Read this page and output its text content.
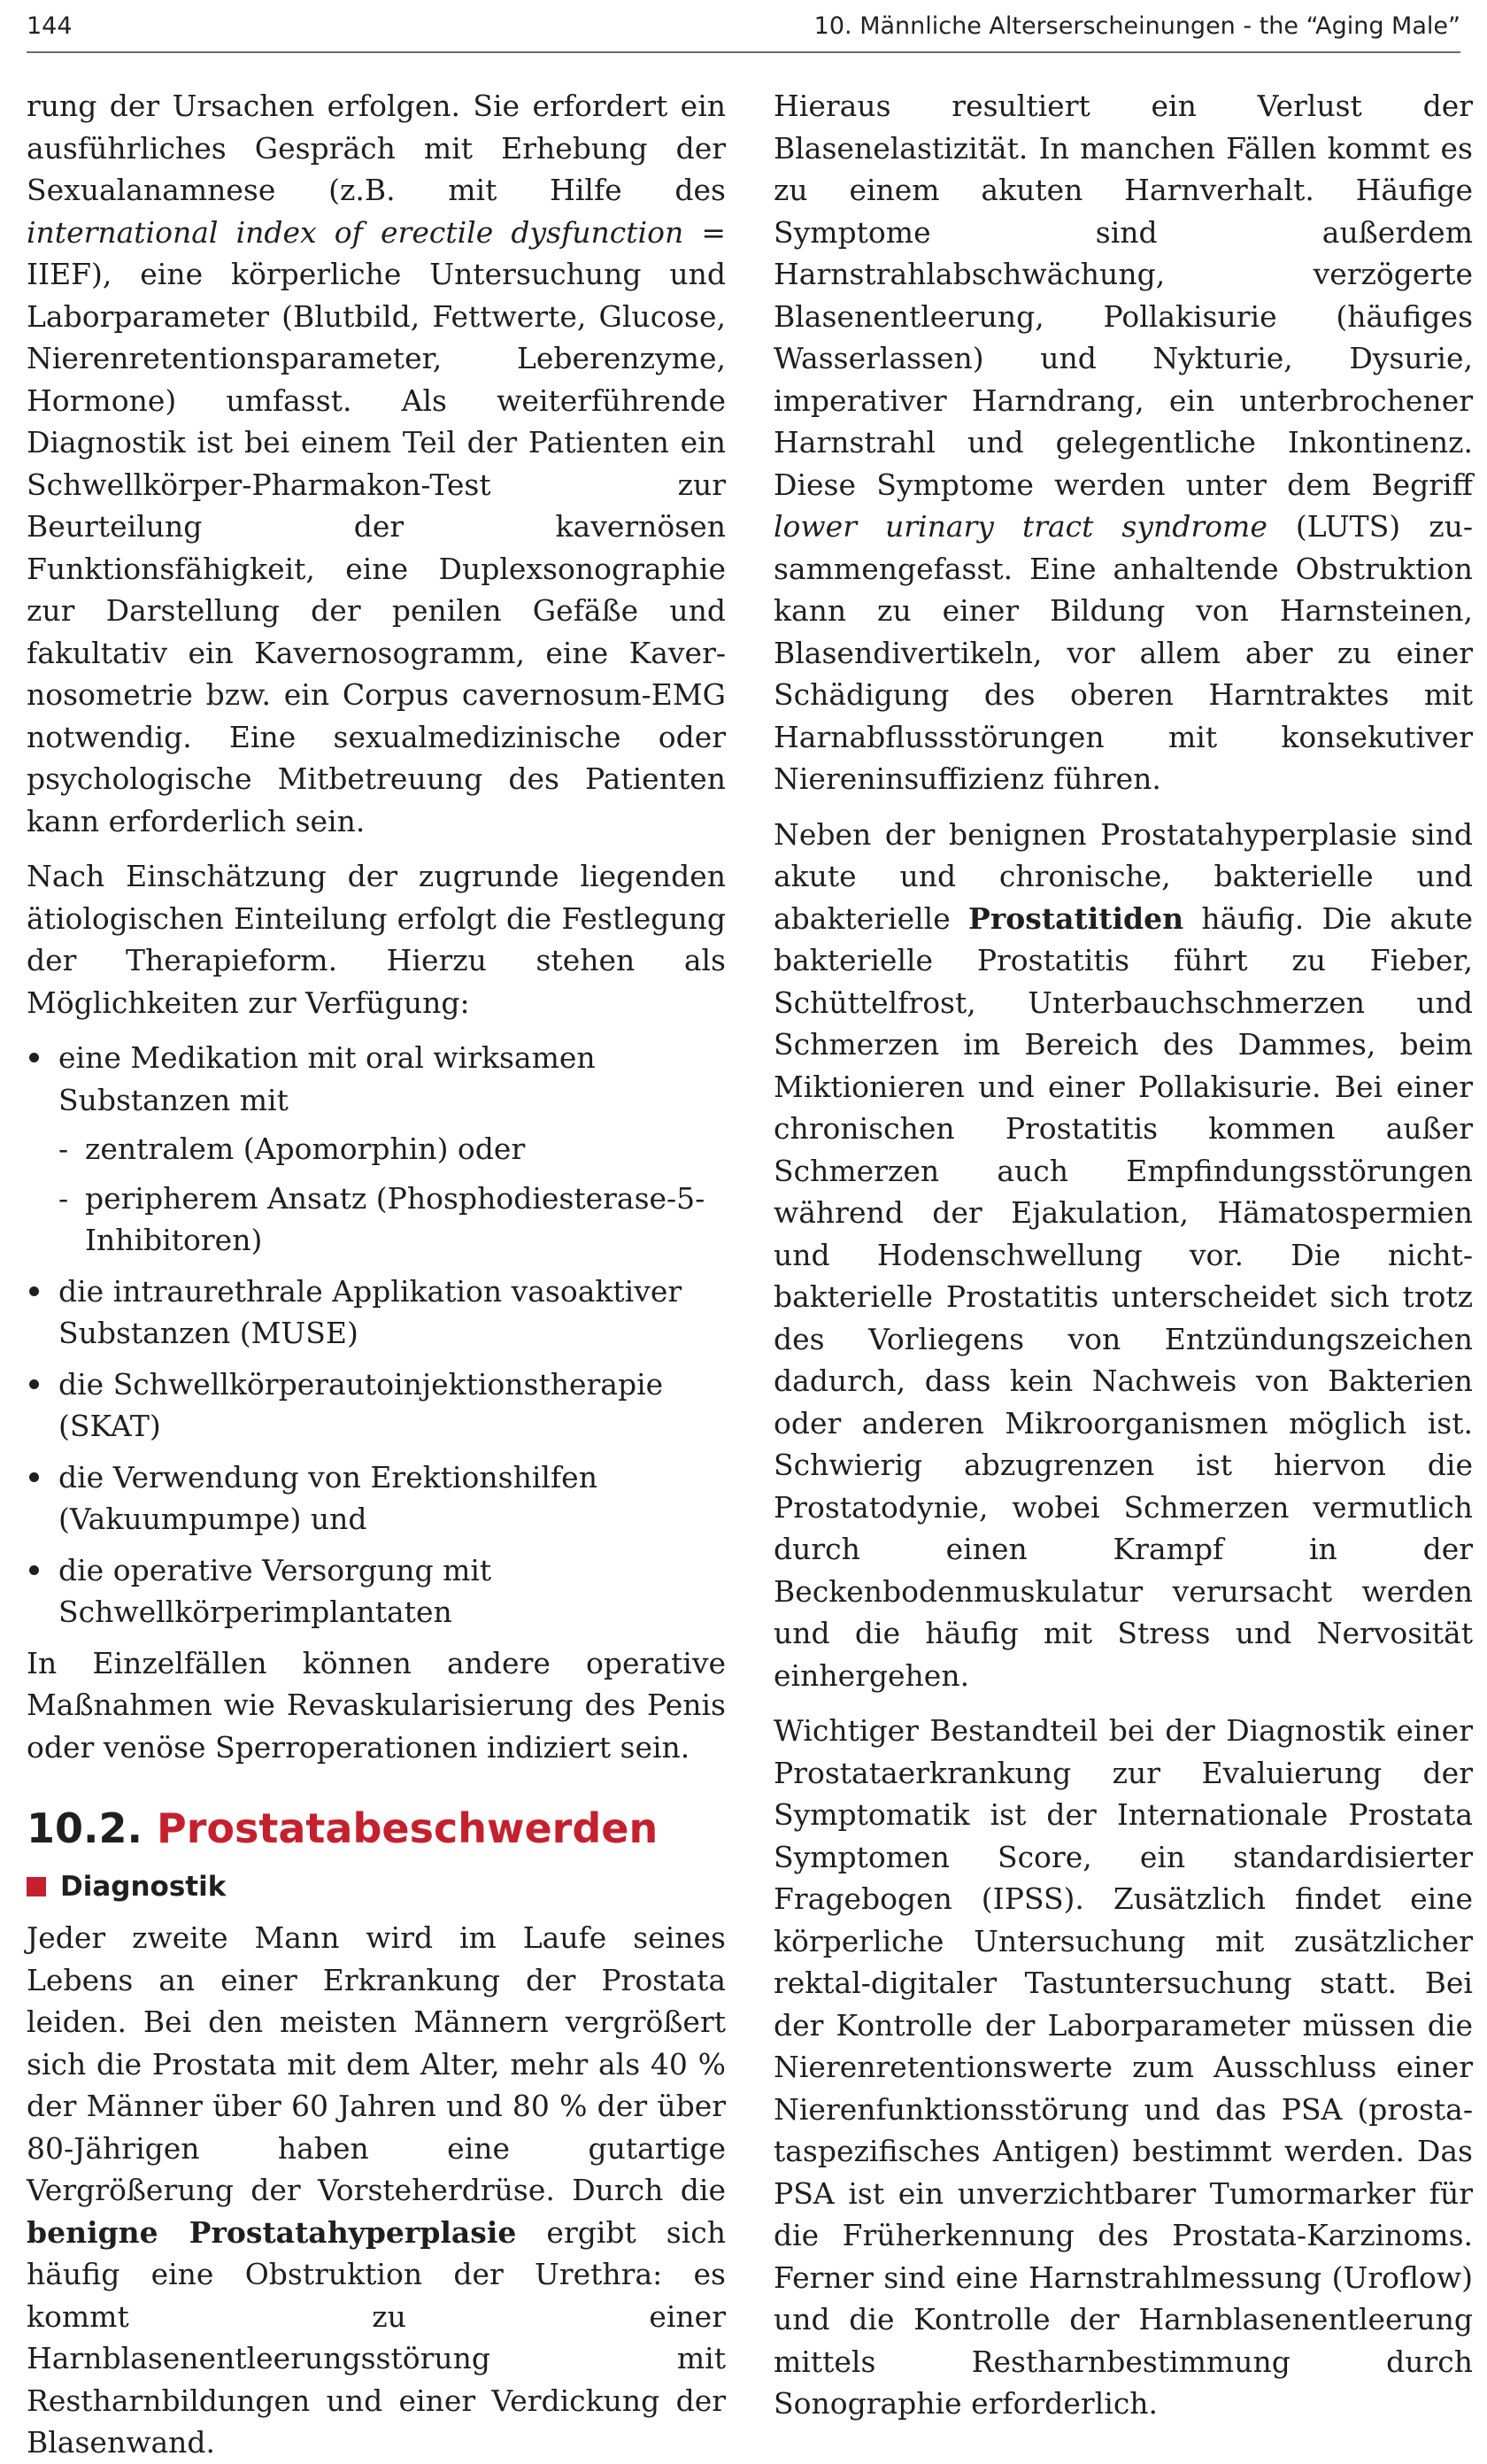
144	10. Männliche Alterserscheinungen - the “Aging Male”

rung der Ursachen erfolgen. Sie erfordert ein ausführliches Gespräch mit Erhebung der Sexualanamnese (z.B. mit Hilfe des international index of erectile dysfunction = IIEF), eine körperliche Untersuchung und Laborparameter (Blutbild, Fettwerte, Glucose, Nierenretentionsparameter, Leberenzyme, Hormone) umfasst. Als weiterführende Diagnostik ist bei einem Teil der Patienten ein Schwellkörper-Pharmakon-Test zur Beurteilung der kavernösen Funktionsfähigkeit, eine Duplexsonographie zur Darstellung der penilen Gefäße und fakultativ ein Kavernosogramm, eine Kavernosometrie bzw. ein Corpus cavernosum-EMG notwendig. Eine sexualmedizinische oder psychologische Mitbetreuung des Patienten kann erforderlich sein.

Nach Einschätzung der zugrunde liegenden ätiologischen Einteilung erfolgt die Festlegung der Therapieform. Hierzu stehen als Möglichkeiten zur Verfügung:

eine Medikation mit oral wirksamen Substanzen mit
- zentralem (Apomorphin) oder
- peripherem Ansatz (Phosphodiesterase-5-Inhibitoren)
die intraurethrale Applikation vasoaktiver Substanzen (MUSE)
die Schwellkörperautoinjektionstherapie (SKAT)
die Verwendung von Erektionshilfen (Vakuumpumpe) und
die operative Versorgung mit Schwellkörperimplantaten

In Einzelfällen können andere operative Maßnahmen wie Revaskularisierung des Penis oder venöse Sperroperationen indiziert sein.

10.2. Prostatabeschwerden
Diagnostik

Jeder zweite Mann wird im Laufe seines Lebens an einer Erkrankung der Prostata leiden. Bei den meisten Männern vergrößert sich die Prostata mit dem Alter, mehr als 40 % der Männer über 60 Jahren und 80 % der über 80-Jährigen haben eine gutartige Vergrößerung der Vorsteherdrüse. Durch die benigne Prostatahyperplasie ergibt sich häufig eine Obstruktion der Urethra: es kommt zu einer Harnblasenentleerungsstörung mit Restharnbildungen und einer Verdickung der Blasenwand.

Hieraus resultiert ein Verlust der Blasenelastizität. In manchen Fällen kommt es zu einem akuten Harnverhalt. Häufige Symptome sind außerdem Harnstrahlabschwächung, verzögerte Blasenentleerung, Pollakisurie (häufiges Wasserlassen) und Nykturie, Dysurie, imperativer Harndrang, ein unterbrochener Harnstrahl und gelegentliche Inkontinenz. Diese Symptome werden unter dem Begriff lower urinary tract syndrome (LUTS) zusammengefasst. Eine anhaltende Obstruktion kann zu einer Bildung von Harnsteinen, Blasendivertikeln, vor allem aber zu einer Schädigung des oberen Harntraktes mit Harnabflussstörungen mit konsekutiver Niereninsuffizienz führen.

Neben der benignen Prostatahyperplasie sind akute und chronische, bakterielle und abakterielle Prostatitiden häufig. Die akute bakterielle Prostatitis führt zu Fieber, Schüttelfrost, Unterbauchschmerzen und Schmerzen im Bereich des Dammes, beim Miktionieren und einer Pollakisurie. Bei einer chronischen Prostatitis kommen außer Schmerzen auch Empfindungsstörungen während der Ejakulation, Hämatospermien und Hodenschwellung vor. Die nicht-bakterielle Prostatitis unterscheidet sich trotz des Vorliegens von Entzündungszeichen dadurch, dass kein Nachweis von Bakterien oder anderen Mikroorganismen möglich ist. Schwierig abzugrenzen ist hiervon die Prostatodynie, wobei Schmerzen vermutlich durch einen Krampf in der Beckenbodenmuskulatur verursacht werden und die häufig mit Stress und Nervosität einhergehen.

Wichtiger Bestandteil bei der Diagnostik einer Prostataerkrankung zur Evaluierung der Symptomatik ist der Internationale Prostata Symptomen Score, ein standardisierter Fragebogen (IPSS). Zusätzlich findet eine körperliche Untersuchung mit zusätzlicher rektal-digitaler Tastuntersuchung statt. Bei der Kontrolle der Laborparameter müssen die Nierenretentionswerte zum Ausschluss einer Nierenfunktionsstörung und das PSA (prostataspezifisches Antigen) bestimmt werden. Das PSA ist ein unverzichtbarer Tumormarker für die Früherkennung des Prostata-Karzinoms. Ferner sind eine Harnstrahlmessung (Uroflow) und die Kontrolle der Harnblasenentleerung mittels Restharnbestimmung durch Sonographie erforderlich.
